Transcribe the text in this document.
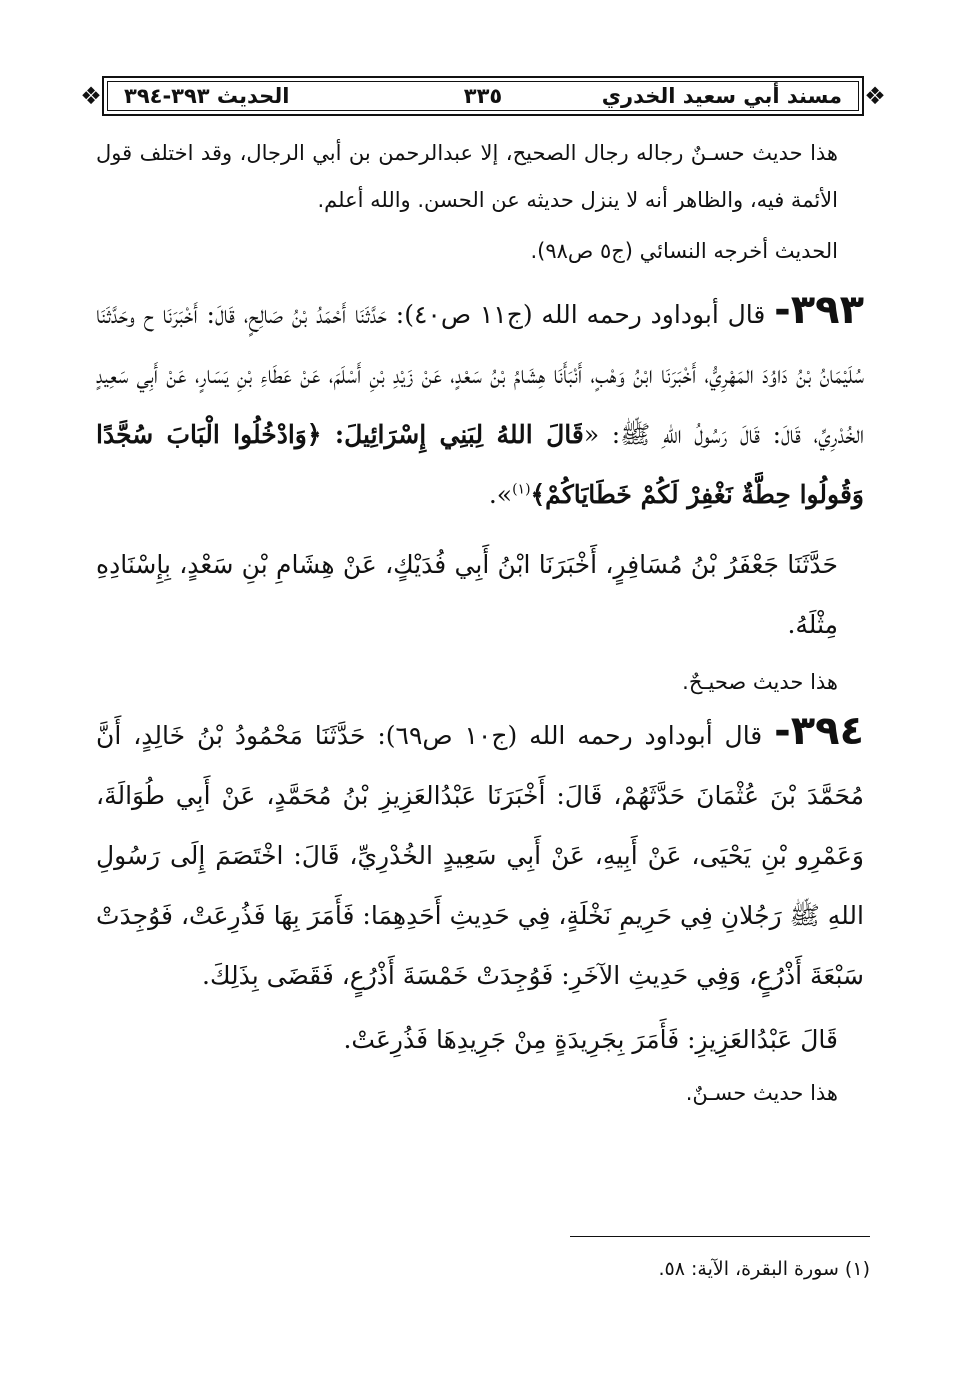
❖
❖	مسند أبي سعيد الخدري
٣٣٥
الحديث ٣٩٣-٣٩٤

هذا حديث حسـنٌ رجاله رجال الصحيح، إلا عبدالرحمن بن أبي الرجال، وقد اختلف قول الأئمة فيه، والظاهر أنه لا ينزل حديثه عن الحسن. والله أعلم.

الحديث أخرجه النسائي (ج٥ ص٩٨).

٣٩٣- قال أبوداود رحمه الله (ج١١ ص٤٠): حَدَّثَنَا أَحْمَدُ بْنُ صَالِحٍ، قَالَ: أَخْبَرَنَا ح وحَدَّثَنَا سُلَيْمَانُ بْنُ دَاوُدَ المَهْرِيُّ، أَخْبَرَنَا ابْنُ وَهْبٍ، أَنْبَأَنَا هِشَامُ بْنُ سَعْدٍ، عَنْ زَيْدِ بْنِ أَسْلَمَ، عَنْ عَطَاءِ بْنِ يَسَارٍ، عَنْ أَبِي سَعِيدٍ الخُدْرِيِّ، قَالَ: قَالَ رَسُولُ اللهِ ﷺ: «قَالَ اللهُ لِبَنِي إِسْرَائِيلَ: ﴿وَادْخُلُوا الْبَابَ سُجَّدًا وَقُولُوا حِطَّةٌ نَغْفِرْ لَكُمْ خَطَايَاكُمْ﴾$^{(١)}$».

حَدَّثَنَا جَعْفَرُ بْنُ مُسَافِرٍ، أَخْبَرَنَا ابْنُ أَبِي فُدَيْكٍ، عَنْ هِشَامِ بْنِ سَعْدٍ، بِإِسْنَادِهِ مِثْلَهُ.

هذا حديث صحيـحٌ.

٣٩٤- قال أبوداود رحمه الله (ج١٠ ص٦٩): حَدَّثَنَا مَحْمُودُ بْنُ خَالِدٍ، أَنَّ مُحَمَّدَ بْنَ عُثْمَانَ حَدَّثَهُمْ، قَالَ: أَخْبَرَنَا عَبْدُالعَزِيزِ بْنُ مُحَمَّدٍ، عَنْ أَبِي طُوَالَةَ، وَعَمْرِو بْنِ يَحْيَى، عَنْ أَبِيهِ، عَنْ أَبِي سَعِيدٍ الخُدْرِيِّ، قَالَ: اخْتَصَمَ إِلَى رَسُولِ اللهِ ﷺ رَجُلانِ فِي حَرِيمِ نَخْلَةٍ، فِي حَدِيثِ أَحَدِهِمَا: فَأَمَرَ بِهَا فَذُرِعَتْ، فَوُجِدَتْ سَبْعَةَ أَذْرُعٍ، وَفِي حَدِيثِ الآخَرِ: فَوُجِدَتْ خَمْسَةَ أَذْرُعٍ، فَقَضَى بِذَلِكَ.

قَالَ عَبْدُالعَزِيزِ: فَأَمَرَ بِجَرِيدَةٍ مِنْ جَرِيدِهَا فَذُرِعَتْ.

هذا حديث حسـنٌ.

(١) سورة البقرة، الآية: ٥٨.
